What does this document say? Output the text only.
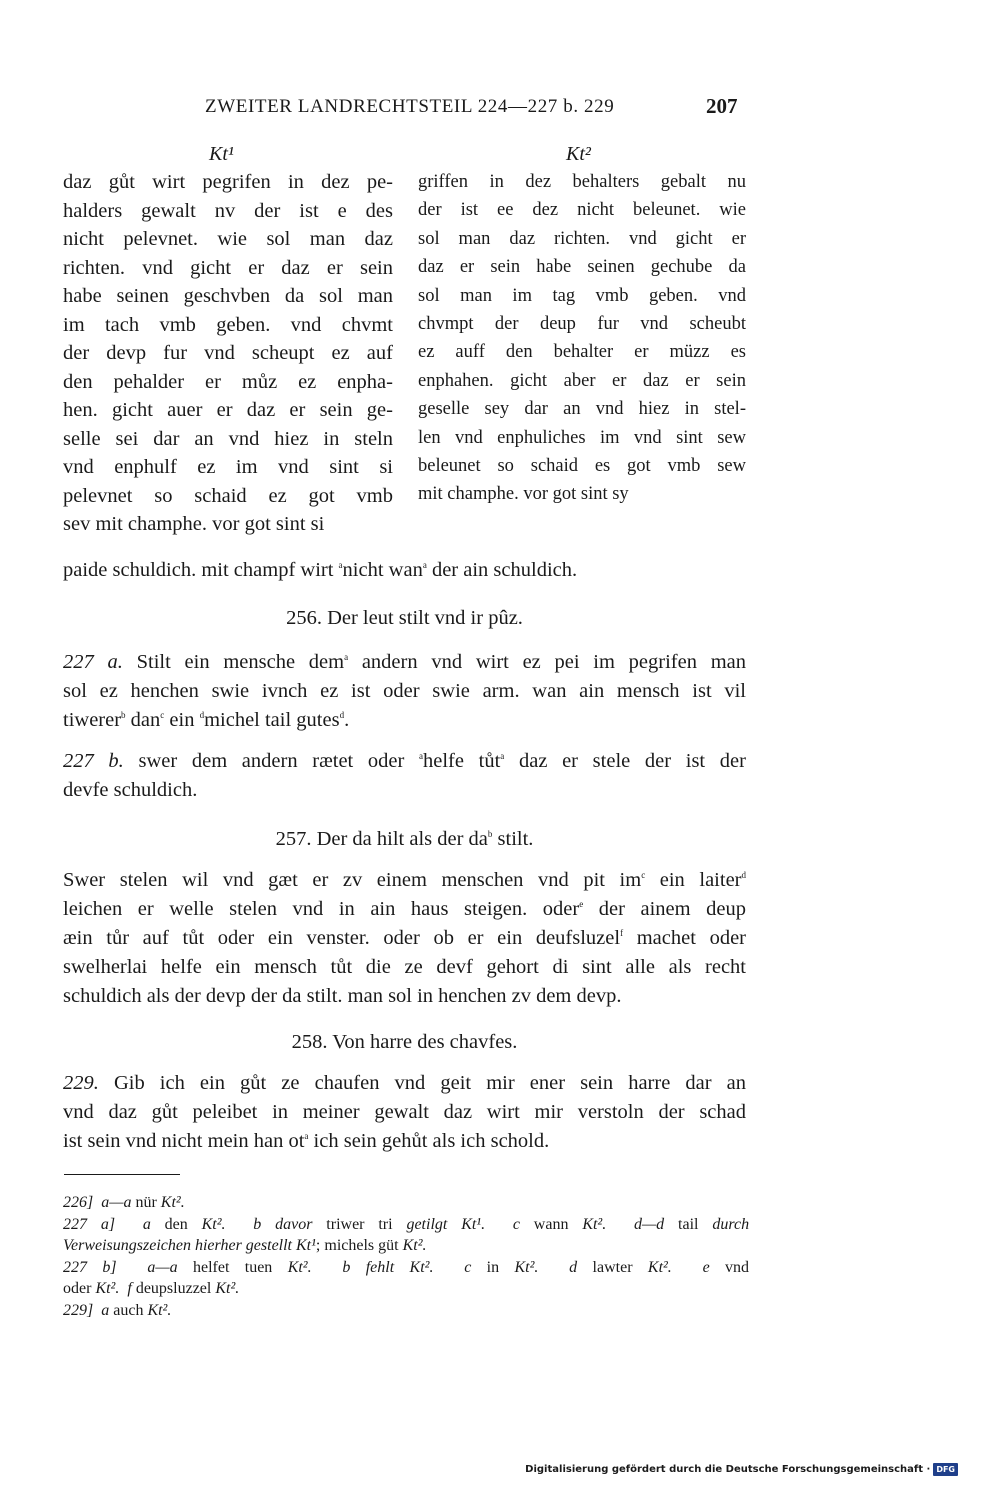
ZWEITER LANDRECHTSTEIL 224—227 b. 229	207
Kt¹	Kt²
daz gůt wirt pegrifen in dez pe-
halders gewalt nv der ist e des
nicht pelevnet. wie sol man daz
richten. vnd gicht er daz er sein
habe seinen geschvben da sol man
im tach vmb geben. vnd chvmt
der devp fur vnd scheupt ez auf
den pehalder er můz ez enpha-
hen. gicht auer er daz er sein ge-
selle sei dar an vnd hiez in steln
vnd enphulf ez im vnd sint si
pelevnet so schaid ez got vmb
sev mit champhe. vor got sint si
griffen in dez behalters gebalt nu
der ist ee dez nicht beleunet. wie
sol man daz richten. vnd gicht er
daz er sein habe seinen gechube da
sol man im tag vmb geben. vnd
chvmpt der deup fur vnd scheubt
ez auff den behalter er müzz es
enphahen. gicht aber er daz er sein
geselle sey dar an vnd hiez in stel-
len vnd enphuliches im vnd sint sew
beleunet so schaid es got vmb sew
mit champhe. vor got sint sy
paide schuldich. mit champf wirt $^a$nicht wan$^a$ der ain schuldich.
256. Der leut stilt vnd ir pûz.
227 a. Stilt ein mensche dem$^a$ andern vnd wirt ez pei im pegrifen man
sol ez henchen swie ivnch ez ist oder swie arm. wan ain mensch ist vil
tiwerer$^b$ dan$^c$ ein $^d$michel tail gutes$^d$.
227 b. swer dem andern rætet oder $^a$helfe tůt$^a$ daz er stele der ist der
devfe schuldich.
257. Der da hilt als der $da^b$ stilt.
Swer stelen wil vnd gæt er zv einem menschen vnd pit $im^c$ ein laiter$^d$
leichen er welle stelen vnd in ain haus steigen. oder$^e$ der ainem deup
æin tůr auf tůt oder ein venster. oder ob er ein deufsluzel$^f$ machet oder
swelherlai helfe ein mensch tůt die ze devf gehort di sint alle als recht
schuldich als der devp der da stilt. man sol in henchen zv dem devp.
258. Von harre des chavfes.
229. Gib ich ein gůt ze chaufen vnd geit mir ener sein harre dar an
vnd daz gůt peleibet in meiner gewalt daz wirt mir verstoln der schad
ist sein vnd nicht mein han $ot^a$ ich sein gehůt als ich schold.
226] a—a nür Kt².
227 a] a den Kt². b davor triwer tri getilgt Kt¹. c wann Kt². d—d tail durch
Verweisungszeichen hierher gestellt Kt¹; michels güt Kt².
227 b] a—a helfet tuen Kt². b fehlt Kt². c in Kt². d lawter Kt². e vnd
oder Kt². f deupsluzzel Kt².
229] a auch Kt².
Digitalisierung gefördert durch die Deutsche Forschungsgemeinschaft · DFG
